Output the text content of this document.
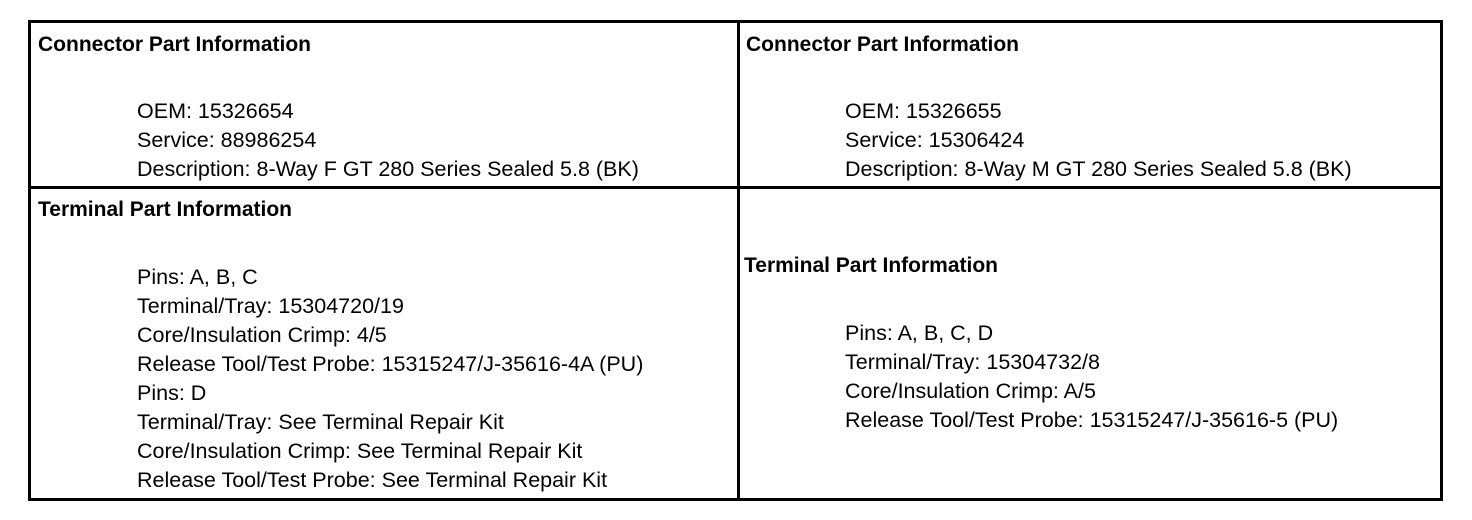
Connector Part Information
OEM: 15326654
Service: 88986254
Description: 8-Way F GT 280 Series Sealed 5.8 (BK)
Connector Part Information
OEM: 15326655
Service: 15306424
Description: 8-Way M GT 280 Series Sealed 5.8 (BK)
Terminal Part Information
Pins: A, B, C
Terminal/Tray: 15304720/19
Core/Insulation Crimp: 4/5
Release Tool/Test Probe: 15315247/J-35616-4A (PU)
Pins: D
Terminal/Tray: See Terminal Repair Kit
Core/Insulation Crimp: See Terminal Repair Kit
Release Tool/Test Probe: See Terminal Repair Kit
Terminal Part Information
Pins: A, B, C, D
Terminal/Tray: 15304732/8
Core/Insulation Crimp: A/5
Release Tool/Test Probe: 15315247/J-35616-5 (PU)
